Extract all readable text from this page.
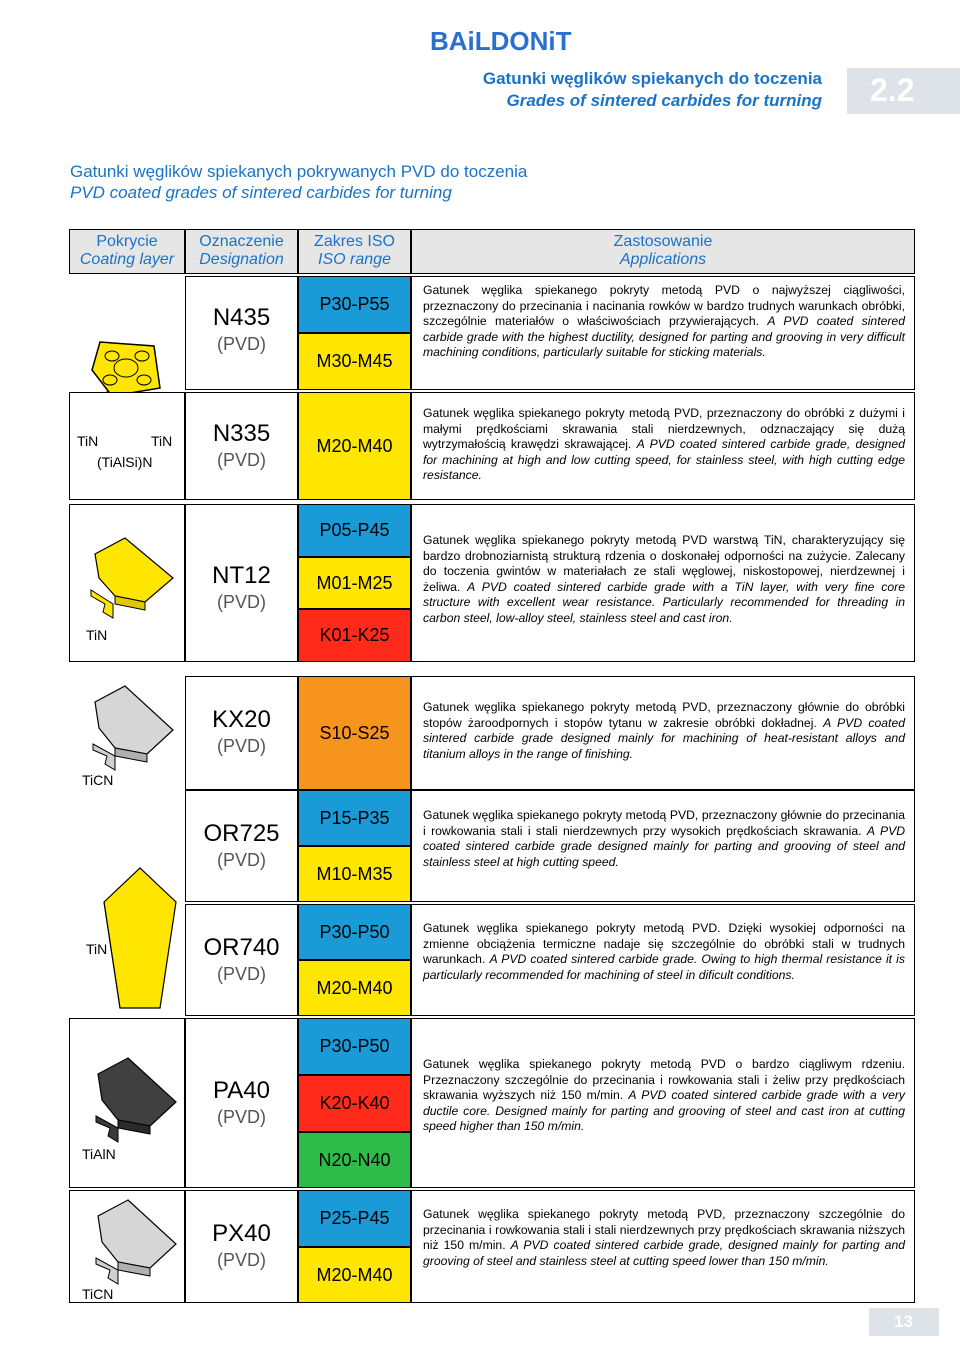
BAiLDONiT
Gatunki węglików spiekanych do toczenia
Grades of sintered carbides for turning 2.2
Gatunki węglików spiekanych pokrywanych PVD do toczenia
PVD coated grades of sintered carbides for turning
Pokrycie
Coating layer
Oznaczenie
Designation
Zakres ISO
ISO range
Zastosowanie
Applications
N435
(PVD)
P30-P55
M30-M45
Gatunek węglika spiekanego pokryty metodą PVD o najwyższej ciągliwości, przeznaczony do przecinania i nacinania rowków w bardzo trudnych warunkach obróbki, szczególnie materiałów o właściwościach przywierających. A PVD coated sintered carbide grade with the highest ductility, designed for parting and grooving in very difficult machining conditions, particularly suitable for sticking materials.
TiN	TiN
(TiAlSi)N
N335
(PVD)
M20-M40
Gatunek węglika spiekanego pokryty metodą PVD, przeznaczony do obróbki z dużymi i małymi prędkościami skrawania stali nierdzewnych, odznaczający się dużą wytrzymałością krawędzi skrawającej. A PVD coated sintered carbide grade, designed for machining at high and low cutting speed, for stainless steel, with high cutting edge resistance.
TiN
NT12
(PVD)
P05-P45
M01-M25
K01-K25
Gatunek węglika spiekanego pokryty metodą PVD warstwą TiN, charakteryzujący się bardzo drobnoziarnistą strukturą rdzenia o doskonałej odporności na zużycie. Zalecany do toczenia gwintów w materiałach ze stali węglowej, niskostopowej, nierdzewnej i żeliwa. A PVD coated sintered carbide grade with a TiN layer, with very fine core structure with excellent wear resistance. Particularly recommended for threading in carbon steel, low-alloy steel, stainless steel and cast iron.
TiCN
KX20
(PVD)
S10-S25
Gatunek węglika spiekanego pokryty metodą PVD, przeznaczony głównie do obróbki stopów żaroodpornych i stopów tytanu w zakresie obróbki dokładnej. A PVD coated sintered carbide grade designed mainly for machining of heat-resistant alloys and titanium alloys in the range of finishing.
OR725
(PVD)
P15-P35
M10-M35
Gatunek węglika spiekanego pokryty metodą PVD, przeznaczony głównie do przecinania i rowkowania stali i stali nierdzewnych przy wysokich prędkościach skrawania. A PVD coated sintered carbide grade designed mainly for parting and grooving of steel and stainless steel at high cutting speed.
TiN	OR740
(PVD)
P30-P50
M20-M40
Gatunek węglika spiekanego pokryty metodą PVD. Dzięki wysokiej odporności na zmienne obciążenia termiczne nadaje się szczególnie do obróbki stali w trudnych warunkach. A PVD coated sintered carbide grade. Owing to high thermal resistance it is particularly recommended for machining of steel in dificult conditions.
TiAlN
PA40
(PVD)
P30-P50
K20-K40
N20-N40
Gatunek węglika spiekanego pokryty metodą PVD o bardzo ciągliwym rdzeniu. Przeznaczony szczególnie do przecinania i rowkowania stali i żeliw przy prędkościach skrawania wyższych niż 150 m/min. A PVD coated sintered carbide grade with a very ductile core. Designed mainly for parting and grooving of steel and cast iron at cutting speed higher than 150 m/min.
TiCN
PX40
(PVD)
P25-P45
M20-M40
Gatunek węglika spiekanego pokryty metodą PVD, przeznaczony szczególnie do przecinania i rowkowania stali i stali nierdzewnych przy prędkościach skrawania niższych niż 150 m/min. A PVD coated sintered carbide grade, designed mainly for parting and grooving of steel and stainless steel at cutting speed lower than 150 m/min.
13
